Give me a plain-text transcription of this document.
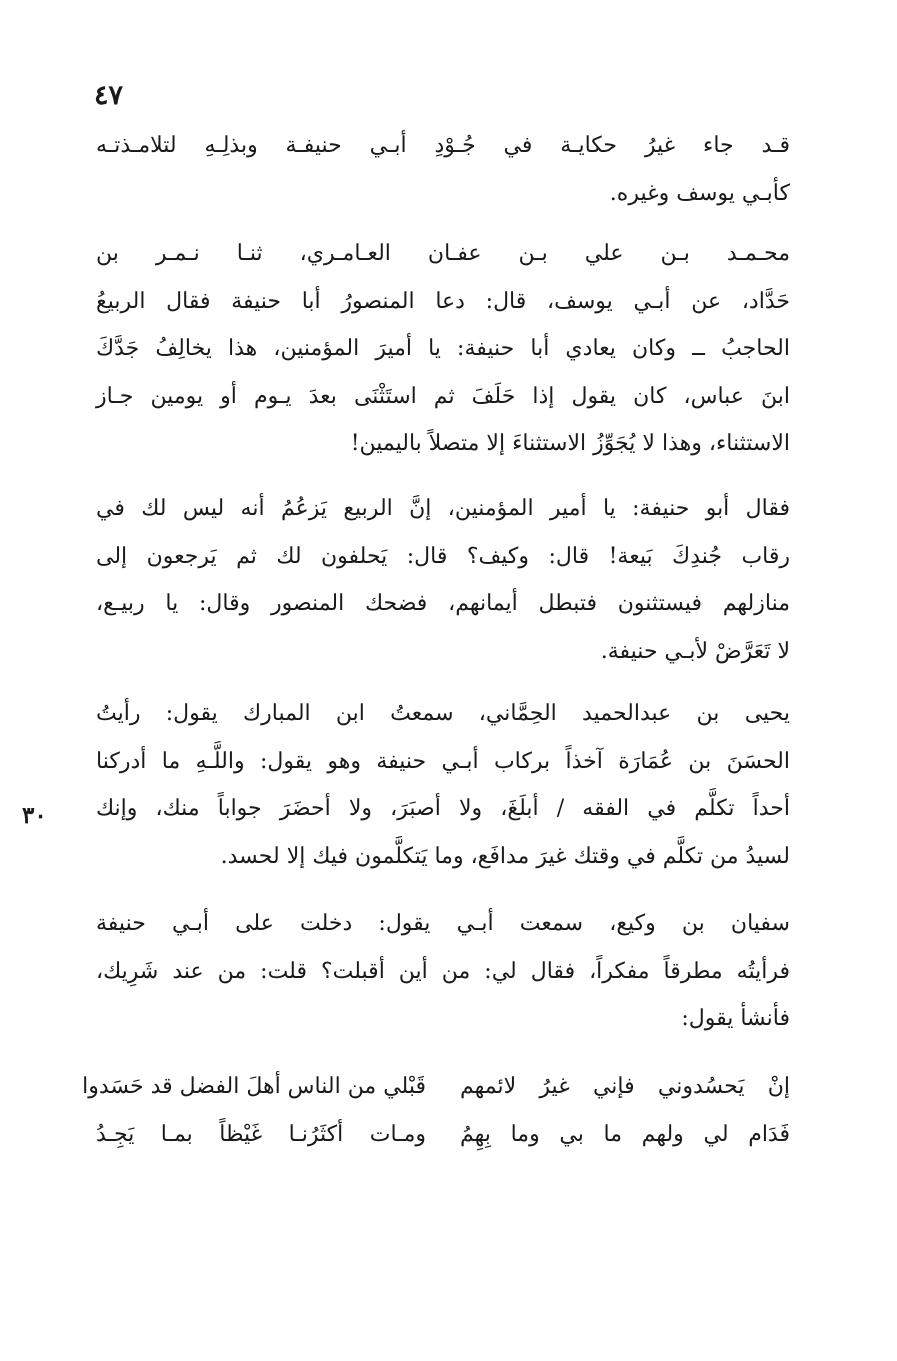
٤٧
٣٠
قـد جاء غيرُ حكايـة في جُـوْدِ أبـي حنيفـة وبذلِـهِ لتلامـذتـه
كأبـي يوسف وغيره.
محـمـد بـن علي بـن عفـان العـامـري، ثنـا نـمـر بن
حَدَّاد، عن أبـي يوسف، قال: دعا المنصورُ أبا حنيفة فقال الربيعُ
الحاجبُ ــ وكان يعادي أبا حنيفة: يا أميرَ المؤمنين، هذا يخالِفُ جَدَّكَ
ابنَ عباس، كان يقول إذا حَلَفَ ثم استَثْنَى بعدَ يـوم أو يومين جـاز
الاستثناء، وهذا لا يُجَوِّزُ الاستثناءَ إلا متصلاً باليمين!
فقال أبو حنيفة: يا أمير المؤمنين، إنَّ الربيع يَزعُمُ أنه ليس لك في
رقاب جُندِكَ بَيعة! قال: وكيف؟ قال: يَحلفون لك ثم يَرجعون إلى
منازلهم فيستثنون فتبطل أيمانهم، فضحك المنصور وقال: يا ربيـع،
لا تَعَرَّضْ لأبـي حنيفة.
يحيى بن عبدالحميد الحِمَّاني، سمعتُ ابن المبارك يقول: رأيتُ
الحسَنَ بن عُمَارَة آخذاً بركاب أبـي حنيفة وهو يقول: واللَّـهِ ما أدركنا
أحداً تكلَّم في الفقه / أبلَغَ، ولا أصبَرَ، ولا أحضَرَ جواباً منك، وإنك
لسيدُ من تكلَّم في وقتك غيرَ مدافَع، وما يَتكلَّمون فيك إلا لحسد.
سفيان بن وكيع، سمعت أبـي يقول: دخلت على أبـي حنيفة
فرأيتُه مطرقاً مفكراً، فقال لي: من أين أقبلت؟ قلت: من عند شَرِيك،
فأنشأ يقول:
إنْ يَحسُدوني فإني غيرُ لائمهم
قَبْلي من الناس أهلَ الفضل قد حَسَدوا
فَدَام لي ولهم ما بي وما بِهِمُ
ومـات أكثَرُنـا غَيْظاً بمـا يَجِـدُ
